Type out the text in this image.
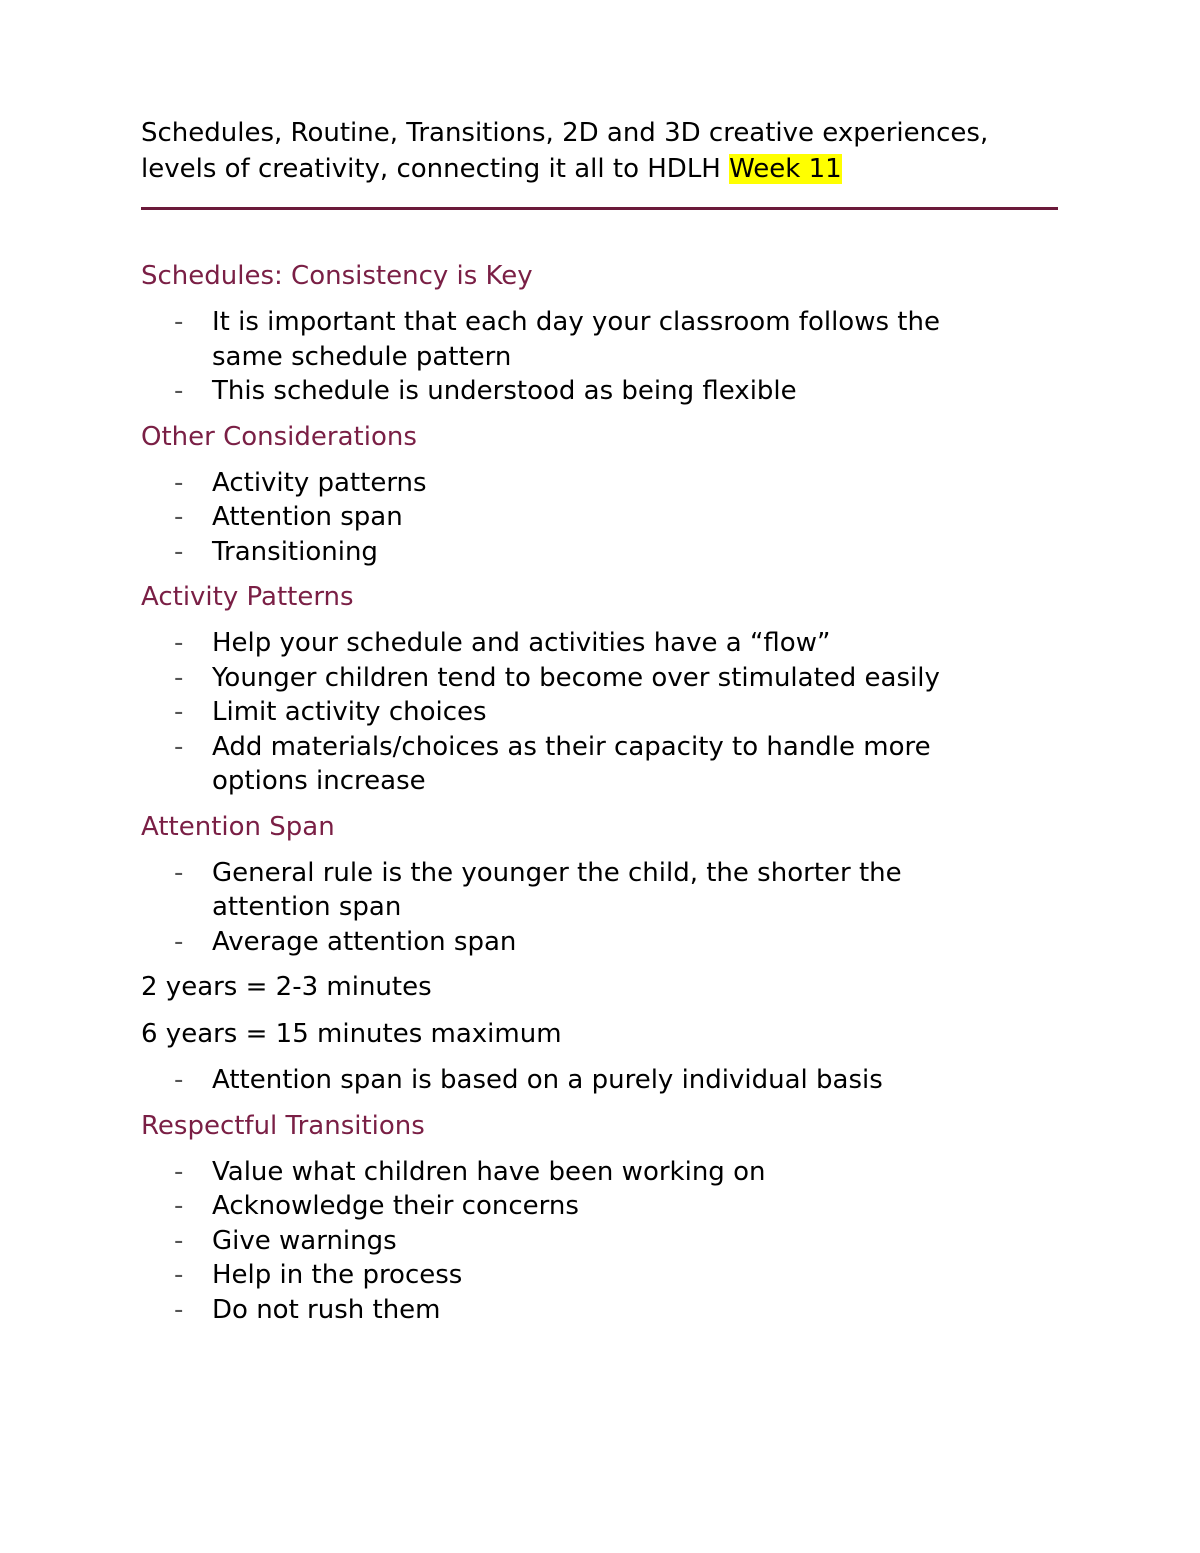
Schedules, Routine, Transitions, 2D and 3D creative experiences, levels of creativity, connecting it all to HDLH Week 11

Schedules: Consistency is Key
- It is important that each day your classroom follows the same schedule pattern
- This schedule is understood as being flexible
Other Considerations
- Activity patterns
- Attention span
- Transitioning
Activity Patterns
- Help your schedule and activities have a “flow”
- Younger children tend to become over stimulated easily
- Limit activity choices
- Add materials/choices as their capacity to handle more options increase
Attention Span
- General rule is the younger the child, the shorter the attention span
- Average attention span

2 years = 2-3 minutes

6 years = 15 minutes maximum

- Attention span is based on a purely individual basis
Respectful Transitions
- Value what children have been working on
- Acknowledge their concerns
- Give warnings
- Help in the process
- Do not rush them
